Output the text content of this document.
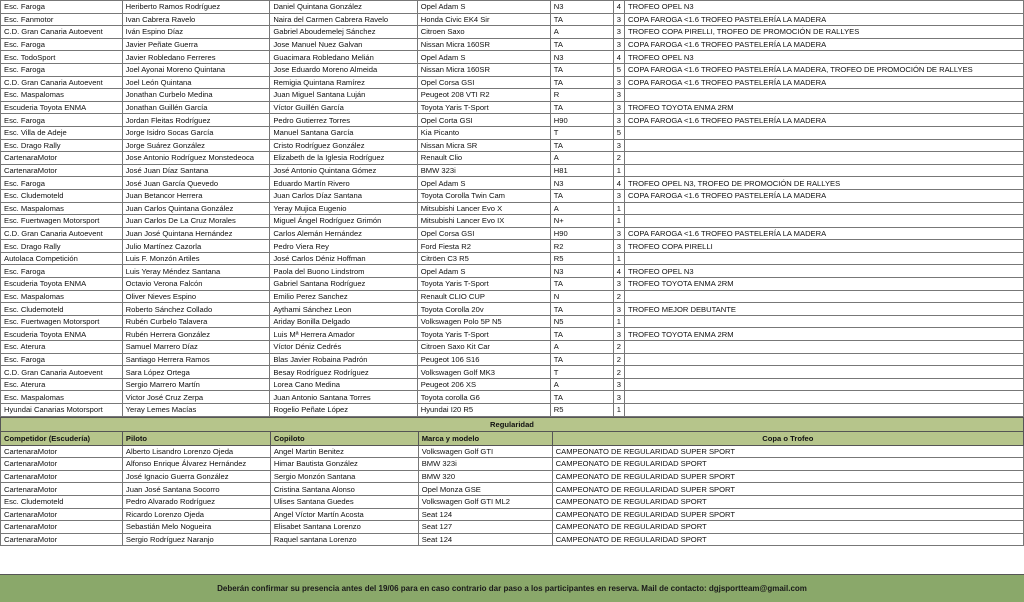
Esc. Faroga	Heriberto Ramos Rodríguez	Daniel Quintana González	Opel Adam S	N3	4	TROFEO OPEL N3
Esc. Fanmotor	Ivan Cabrera Ravelo	Naira del Carmen Cabrera Ravelo	Honda Civic EK4 Sir	TA	3	COPA FAROGA <1.6 TROFEO PASTELERÍA LA MADERA
C.D. Gran Canaria Autoevent	Iván Espino Díaz	Gabriel Aboudemelej Sánchez	Citroen Saxo	A	3	TROFEO COPA PIRELLI, TROFEO DE PROMOCIÓN DE RALLYES
Esc. Faroga	Javier Peñate Guerra	Jose Manuel Nuez Galvan	Nissan Micra 160SR	TA	3	COPA FAROGA <1.6 TROFEO PASTELERÍA LA MADERA
Esc. TodoSport	Javier Robledano Ferreres	Guacimara Robledano Melián	Opel Adam S	N3	4	TROFEO OPEL N3
Esc. Faroga	Joel Ayonai Moreno Quintana	Jose Eduardo Moreno Almeida	Nissan Micra 160SR	TA	5	COPA FAROGA <1.6 TROFEO PASTELERÍA LA MADERA, TROFEO DE PROMOCIÓN DE RALLYES
C.D. Gran Canaria Autoevent	Joel León Quintana	Remigia Quintana Ramírez	Opel Corsa GSI	TA	3	COPA FAROGA <1.6 TROFEO PASTELERÍA LA MADERA
Esc. Maspalomas	Jonathan Curbelo Medina	Juan Miguel Santana Luján	Peugeot 208 VTI R2	R	3	
Escuderia Toyota ENMA	Jonathan Guillén García	Víctor Guillén García	Toyota Yaris T-Sport	TA	3	TROFEO TOYOTA ENMA 2RM
Esc. Faroga	Jordan Fleitas Rodríguez	Pedro Gutierrez Torres	Opel Corta GSI	H90	3	COPA FAROGA <1.6 TROFEO PASTELERÍA LA MADERA
Esc. Villa de Adeje	Jorge Isidro Socas García	Manuel Santana García	Kia Picanto	T	5	
Esc. Drago Rally	Jorge Suárez González	Cristo Rodríguez González	Nissan Micra SR	TA	3	
CartenaraMotor	Jose Antonio Rodríguez Monstedeoca	Elizabeth de la Iglesia Rodríguez	Renault Clio	A	2	
CartenaraMotor	José Juan Díaz Santana	José Antonio Quintana Gómez	BMW 323i	H81	1	
Esc. Faroga	José Juan García Quevedo	Eduardo Martín Rivero	Opel Adam S	N3	4	TROFEO OPEL N3, TROFEO DE PROMOCIÓN DE RALLYES
Esc. Cludemoteld	Juan Betancor Herrera	Juan Carlos Díaz Santana	Toyota Corolla Twin Cam	TA	3	COPA FAROGA <1.6 TROFEO PASTELERÍA LA MADERA
Esc. Maspalomas	Juan Carlos Quintana González	Yeray Mujica Eugenio	Mitsubishi Lancer Evo X	A	1	
Esc. Fuertwagen Motorsport	Juan Carlos De La Cruz Morales	Miguel Ángel Rodríguez Grimón	Mitsubishi Lancer Evo IX	N+	1	
C.D. Gran Canaria Autoevent	Juan José Quintana Hernández	Carlos Alemán Hernández	Opel Corsa GSI	H90	3	COPA FAROGA <1.6 TROFEO PASTELERÍA LA MADERA
Esc. Drago Rally	Julio Martínez Cazorla	Pedro Viera Rey	Ford Fiesta R2	R2	3	TROFEO COPA PIRELLI
Autolaca Competición	Luis F. Monzón Artiles	José Carlos Déniz Hoffman	Citröen C3 R5	R5	1	
Esc. Faroga	Luis Yeray Méndez Santana	Paola del Buono Lindstrom	Opel Adam S	N3	4	TROFEO OPEL N3
Escuderia Toyota ENMA	Octavio Verona Falcón	Gabriel Santana Rodríguez	Toyota Yaris T-Sport	TA	3	TROFEO TOYOTA ENMA 2RM
Esc. Maspalomas	Oliver Nieves Espino	Emilio Perez Sanchez	Renault CLIO CUP	N	2	
Esc. Cludemoteld	Roberto Sánchez Collado	Aythami Sánchez Leon	Toyota Corolla 20v	TA	3	TROFEO MEJOR DEBUTANTE
Esc. Fuertwagen Motorsport	Rubén Curbelo Talavera	Ariday Bonilla Delgado	Volkswagen Polo 5P N5	N5	1	
Escuderia Toyota ENMA	Rubén Herrera González	Luis Mª Herrera Amador	Toyota Yaris T-Sport	TA	3	TROFEO TOYOTA ENMA 2RM
Esc. Aterura	Samuel Marrero Díaz	Víctor Déniz Cedrés	Citroen Saxo Kit Car	A	2	
Esc. Faroga	Santiago Herrera Ramos	Blas Javier Robaina Padrón	Peugeot 106 S16	TA	2	
C.D. Gran Canaria Autoevent	Sara López Ortega	Besay Rodríguez Rodríguez	Volkswagen Golf MK3	T	2	
Esc. Aterura	Sergio Marrero Martín	Lorea Cano Medina	Peugeot 206 XS	A	3	
Esc. Maspalomas	Victor José Cruz Zerpa	Juan Antonio Santana Torres	Toyota corolla G6	TA	3	
Hyundai Canarias Motorsport	Yeray Lemes Macías	Rogelio Peñate López	Hyundai I20 R5	R5	1	
Regularidad				
Competidor (Escudería)	Piloto	Copiloto	Marca y modelo	Copa o Trofeo
CartenaraMotor	Alberto Lisandro Lorenzo Ojeda	Angel Martin Benitez	Volkswagen Golf GTI	CAMPEONATO DE REGULARIDAD SUPER SPORT
CartenaraMotor	Alfonso Enrique Álvarez Hernández	Himar Bautista González	BMW 323i	CAMPEONATO DE REGULARIDAD SPORT
CartenaraMotor	José Ignacio Guerra González	Sergio Monzón Santana	BMW 320	CAMPEONATO DE REGULARIDAD SUPER SPORT
CartenaraMotor	Juan José Santana Socorro	Cristina Santana Alonso	Opel Monza GSE	CAMPEONATO DE REGULARIDAD SUPER SPORT
Esc. Cludemoteld	Pedro Alvarado Rodríguez	Ulises Santana Guedes	Volkswagen Golf GTI ML2	CAMPEONATO DE REGULARIDAD SPORT
CartenaraMotor	Ricardo Lorenzo Ojeda	Angel Víctor Martín Acosta	Seat 124	CAMPEONATO DE REGULARIDAD SUPER SPORT
CartenaraMotor	Sebastián Melo Nogueira	Elisabet Santana Lorenzo	Seat 127	CAMPEONATO DE REGULARIDAD SPORT
CartenaraMotor	Sergio Rodríguez Naranjo	Raquel santana Lorenzo	Seat 124	CAMPEONATO DE REGULARIDAD SPORT
Deberán confirmar su presencia antes del 19/06 para en caso contrario dar paso a los participantes en reserva. Mail de contacto: dgjsportteam@gmail.com
